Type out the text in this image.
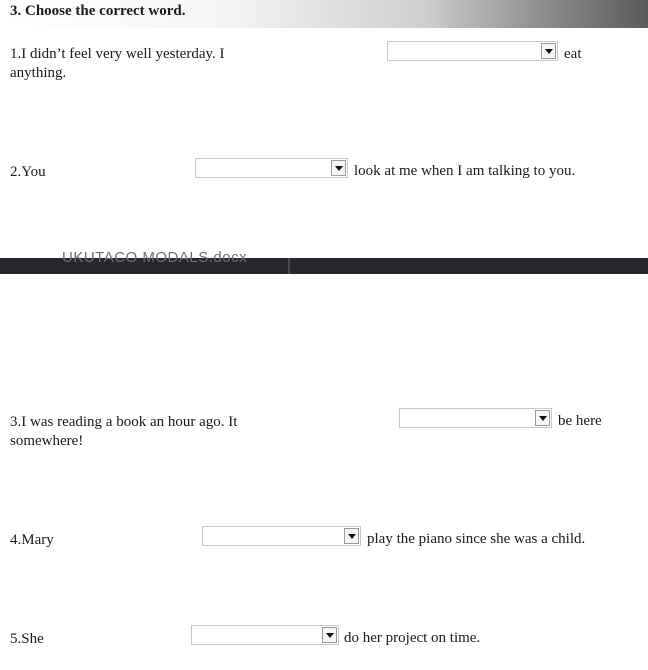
3. Choose the correct word.
1.I didn’t feel very well yesterday. I anything.
eat
2.You	look at me when I am talking to you.
UKUTACO MODALS.docx
3.I was reading a book an hour ago. It somewhere!
be here
4.Mary	play the piano since she was a child.
5.She	do her project on time.
